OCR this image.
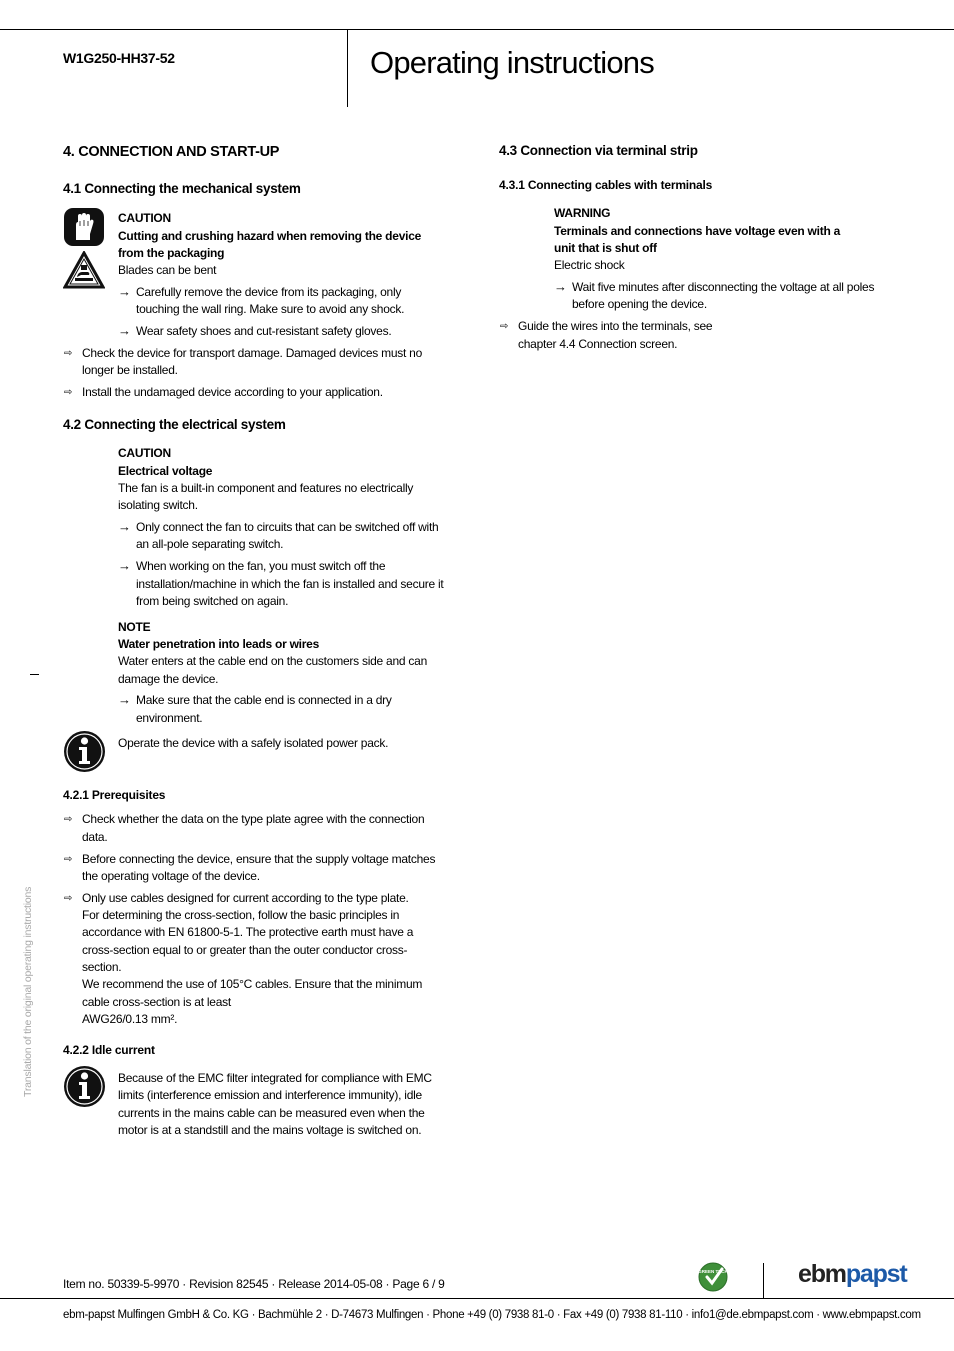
W1G250-HH37-52	Operating instructions
Translation of the original operating instructions
4. CONNECTION AND START-UP
4.1 Connecting the mechanical system
CAUTION
Cutting and crushing hazard when removing the device
from the packaging
Blades can be bent
→ Carefully remove the device from its packaging, only
touching the wall ring. Make sure to avoid any shock.
→ Wear safety shoes and cut-resistant safety gloves.
⇨ Check the device for transport damage. Damaged devices must no
longer be installed.
⇨ Install the undamaged device according to your application.
4.2 Connecting the electrical system
CAUTION
Electrical voltage
The fan is a built-in component and features no electrically
isolating switch.
→ Only connect the fan to circuits that can be switched off with
an all-pole separating switch.
→ When working on the fan, you must switch off the
installation/machine in which the fan is installed and secure it
from being switched on again.
NOTE
Water penetration into leads or wires
Water enters at the cable end on the customers side and can
damage the device.
→ Make sure that the cable end is connected in a dry
environment.
Operate the device with a safely isolated power pack.
4.2.1 Prerequisites
⇨ Check whether the data on the type plate agree with the connection
data.
⇨ Before connecting the device, ensure that the supply voltage matches
the operating voltage of the device.
⇨ Only use cables designed for current according to the type plate.
For determining the cross-section, follow the basic principles in
accordance with EN 61800-5-1. The protective earth must have a
cross-section equal to or greater than the outer conductor cross-
section.
We recommend the use of 105°C cables. Ensure that the minimum
cable cross-section is at least
AWG26/0.13 mm².
4.2.2 Idle current
Because of the EMC filter integrated for compliance with EMC
limits (interference emission and interference immunity), idle
currents in the mains cable can be measured even when the
motor is at a standstill and the mains voltage is switched on.
4.3 Connection via terminal strip
4.3.1 Connecting cables with terminals
WARNING
Terminals and connections have voltage even with a
unit that is shut off
Electric shock
→ Wait five minutes after disconnecting the voltage at all poles
before opening the device.
⇨ Guide the wires into the terminals, see
chapter 4.4 Connection screen.
Item no. 50339-5-9970 · Revision 82545 · Release 2014-05-08 · Page 6 / 9
GREEN TECH	ebmpapst
ebm-papst Mulfingen GmbH & Co. KG · Bachmühle 2 · D-74673 Mulfingen · Phone +49 (0) 7938 81-0 · Fax +49 (0) 7938 81-110 · info1@de.ebmpapst.com · www.ebmpapst.com
